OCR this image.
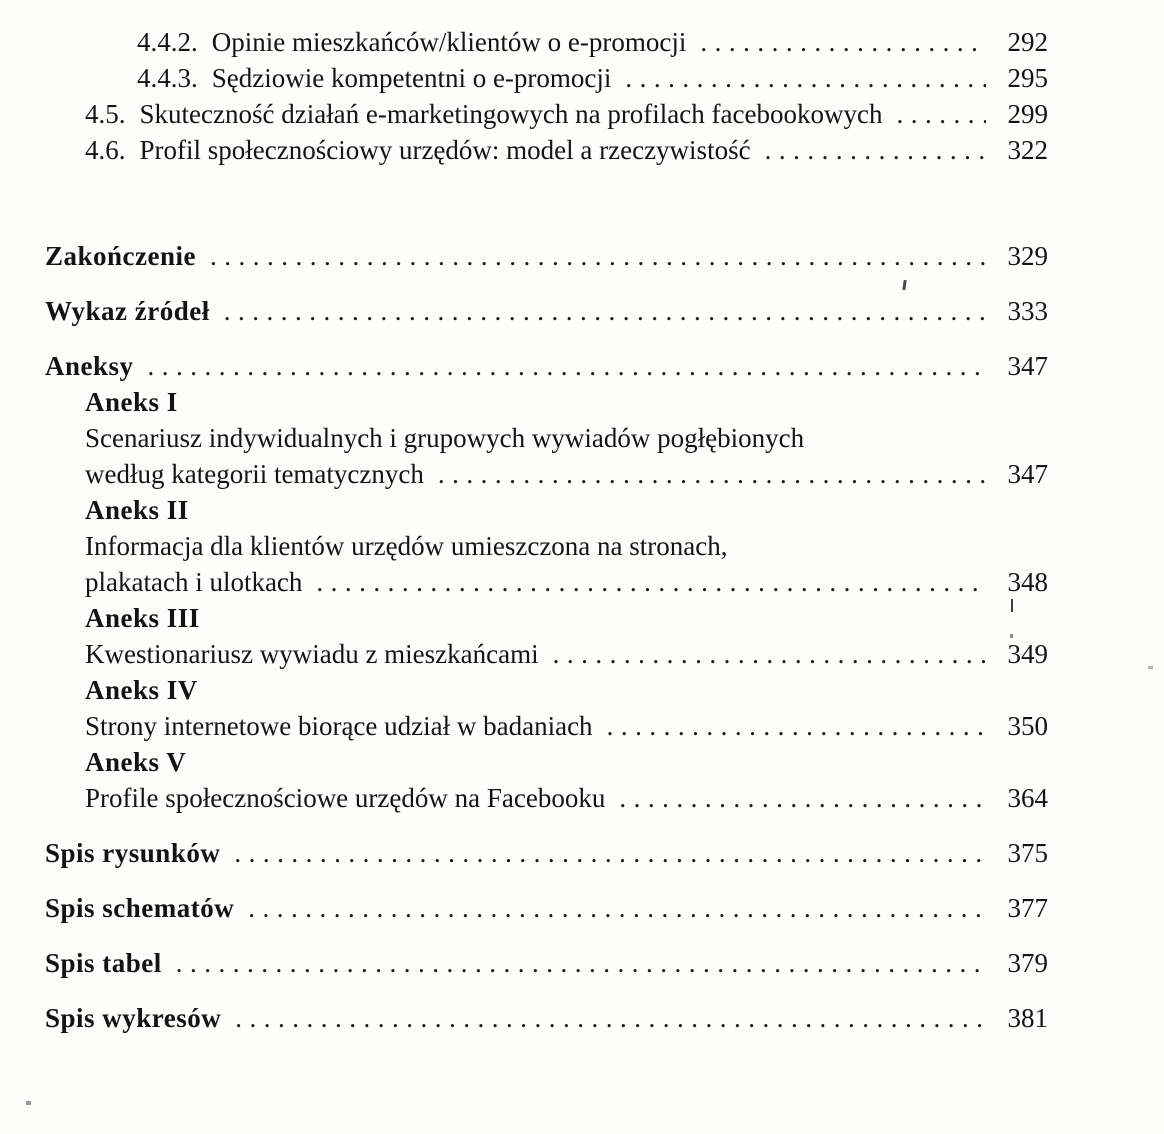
4.4.2. Opinie mieszkańców/klientów o e-promocji .....	292
4.4.3. Sędziowie kompetentni o e-promocji .....	295
4.5. Skuteczność działań e-marketingowych na profilach facebookowych .....	299
4.6. Profil społecznościowy urzędów: model a rzeczywistość .....	322
Zakończenie .....	329
Wykaz źródeł .....	333
Aneksy .....	347
Aneks I
Scenariusz indywidualnych i grupowych wywiadów pogłębionych
według kategorii tematycznych .....	347
Aneks II
Informacja dla klientów urzędów umieszczona na stronach,
plakatach i ulotkach .....	348
Aneks III
Kwestionariusz wywiadu z mieszkańcami .....	349
Aneks IV
Strony internetowe biorące udział w badaniach .....	350
Aneks V
Profile społecznościowe urzędów na Facebooku .....	364
Spis rysunków .....	375
Spis schematów .....	377
Spis tabel .....	379
Spis wykresów .....	381
